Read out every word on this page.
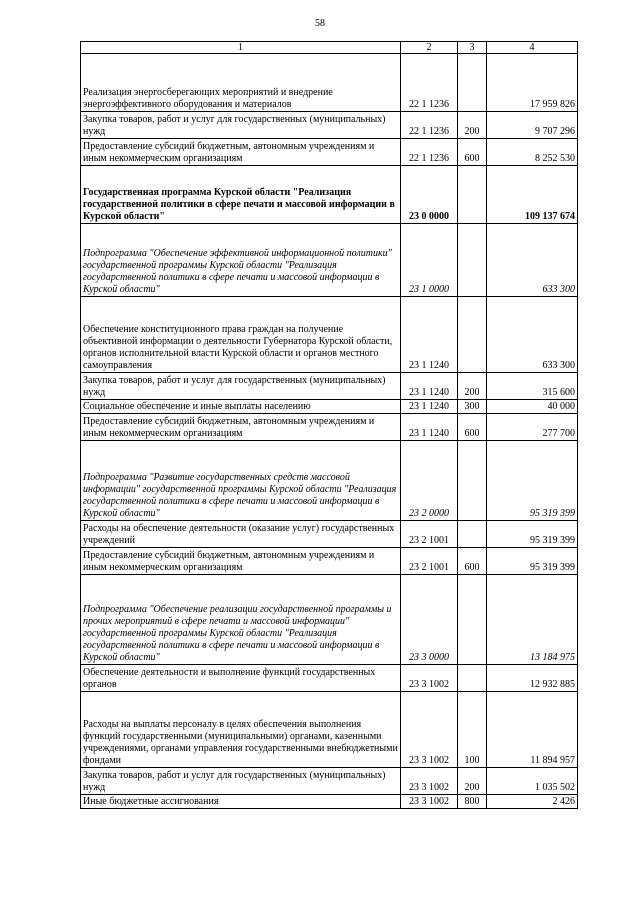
58
1	2	3	4
Реализация энергосберегающих мероприятий и внедрение энергоэффективного оборудования и материалов	22 1 1236		17 959 826
Закупка товаров, работ и услуг для государственных (муниципальных) нужд	22 1 1236	200	9 707 296
Предоставление субсидий бюджетным, автономным учреждениям и иным некоммерческим организациям	22 1 1236	600	8 252 530
Государственная программа Курской области "Реализация государственной политики в сфере печати и массовой информации в Курской области"	23 0 0000		109 137 674
Подпрограмма "Обеспечение эффективной информационной политики" государственной программы Курской области "Реализация государственной политики в сфере печати и массовой информации в Курской области"	23 1 0000		633 300
Обеспечение конституционного права граждан на получение объективной информации о деятельности Губернатора Курской области, органов исполнительной власти Курской области и органов местного самоуправления	23 1 1240		633 300
Закупка товаров, работ и услуг для государственных (муниципальных) нужд	23 1 1240	200	315 600
Социальное обеспечение и иные выплаты населению	23 1 1240	300	40 000
Предоставление субсидий бюджетным, автономным учреждениям и иным некоммерческим организациям	23 1 1240	600	277 700
Подпрограмма "Развитие государственных средств массовой информации" государственной программы Курской области "Реализация государственной политики в сфере печати и массовой информации в Курской области"	23 2 0000		95 319 399
Расходы на обеспечение деятельности (оказание услуг) государственных учреждений	23 2 1001		95 319 399
Предоставление субсидий бюджетным, автономным учреждениям и иным некоммерческим организациям	23 2 1001	600	95 319 399
Подпрограмма "Обеспечение реализации государственной программы и прочих мероприятий в сфере печати и массовой информации" государственной программы Курской области "Реализация государственной политики в сфере печати и массовой информации в Курской области"	23 3 0000		13 184 975
Обеспечение деятельности и выполнение функций государственных органов	23 3 1002		12 932 885
Расходы на выплаты персоналу в целях обеспечения выполнения функций государственными (муниципальными) органами, казенными учреждениями, органами управления государственными внебюджетными фондами	23 3 1002	100	11 894 957
Закупка товаров, работ и услуг для государственных (муниципальных) нужд	23 3 1002	200	1 035 502
Иные бюджетные ассигнования	23 3 1002	800	2 426
